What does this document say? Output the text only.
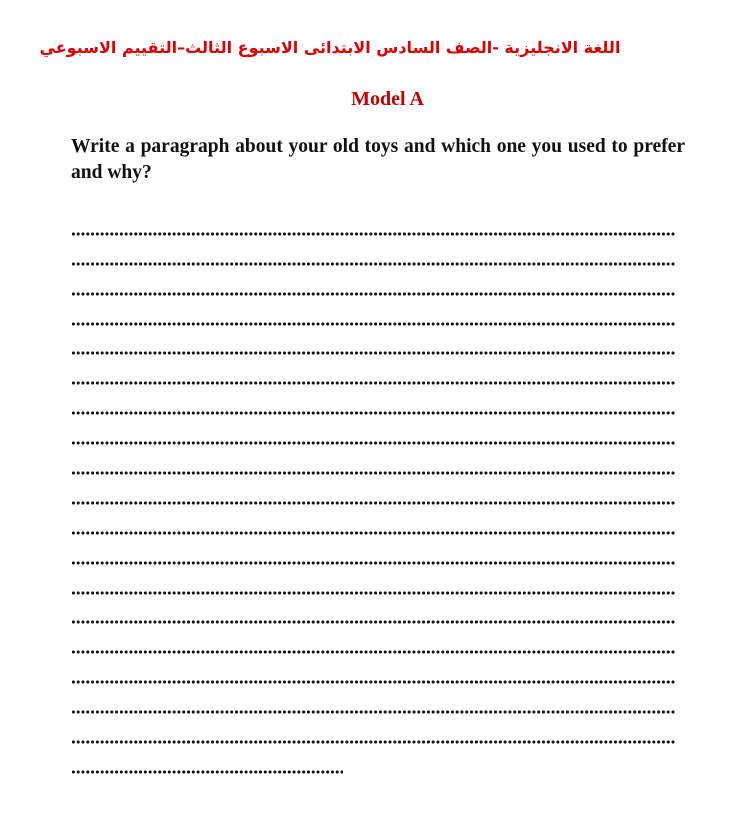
اللغة الانجليزية -الصف السادس الابتدائى الاسبوع الثالث–التقييم الاسبوعي
Model A
Write a paragraph about your old toys and which one you used to prefer and why?
